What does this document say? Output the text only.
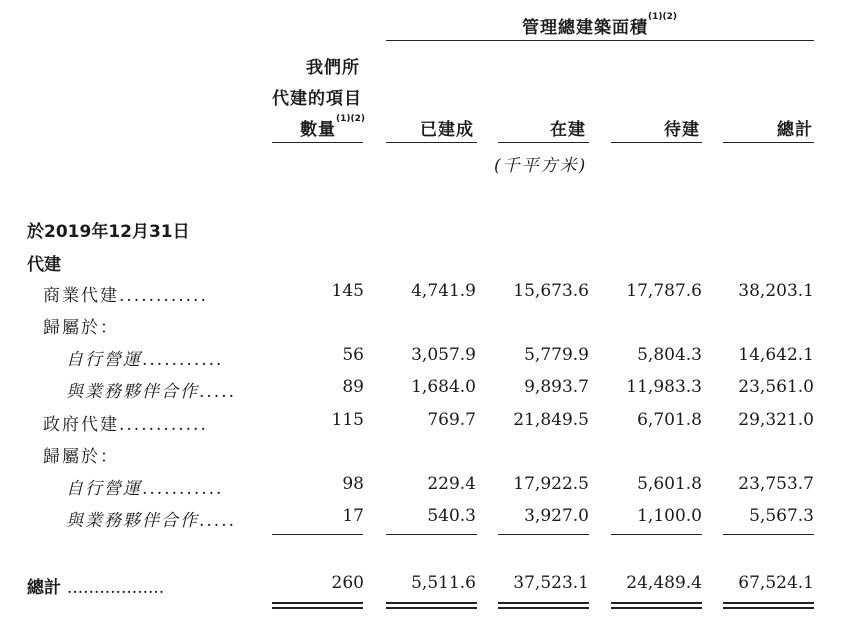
管理總建築面積$^{(1)(2)}$
我們所
代建的項目
數量$^{(1)(2)}$
已建成	在建	待建	總計
(千平方米)
於2019年12月31日
代建
商業代建............	145	4,741.9	15,673.6	17,787.6	38,203.1
歸屬於：
自行營運...........	56	3,057.9	5,779.9	5,804.3	14,642.1
與業務夥伴合作.....	89	1,684.0	9,893.7	11,983.3	23,561.0
政府代建............	115	769.7	21,849.5	6,701.8	29,321.0
歸屬於：
自行營運...........	98	229.4	17,922.5	5,601.8	23,753.7
與業務夥伴合作.....	17	540.3	3,927.0	1,100.0	5,567.3
總計 ..................	260	5,511.6	37,523.1	24,489.4	67,524.1
